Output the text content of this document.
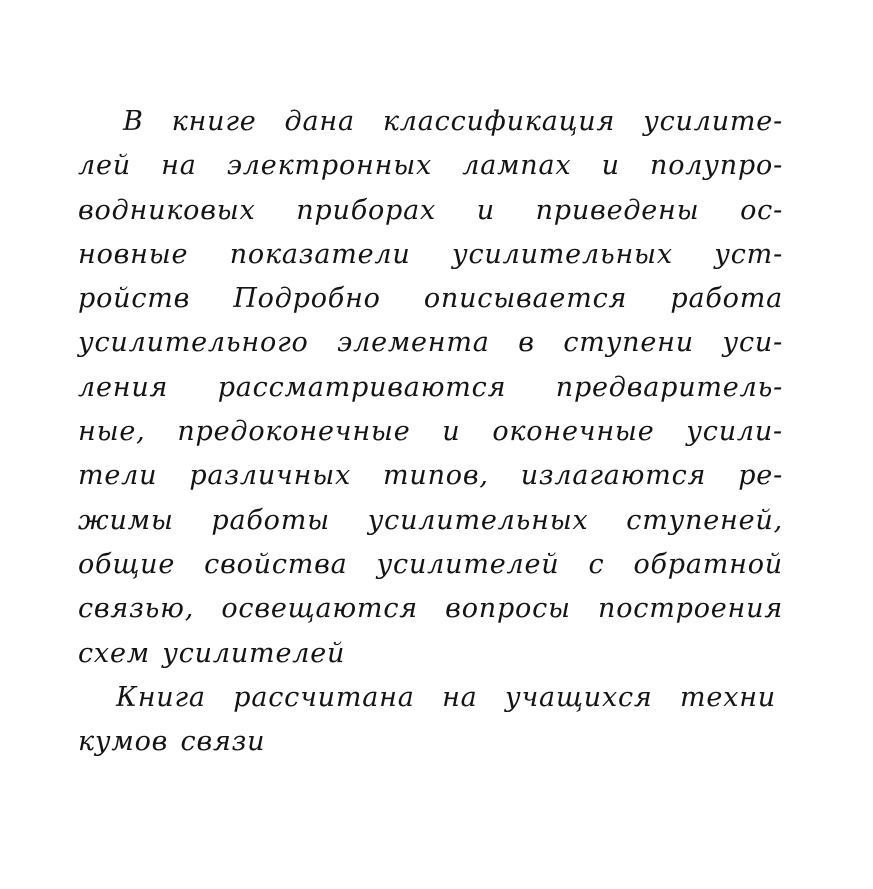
В книге дана классификация усилите-
лей на электронных лампах и полупро-
водниковых приборах и приведены ос-
новные показатели усилительных уст-
ройств Подробно описывается работа
усилительного элемента в ступени уси-
ления рассматриваются предваритель-
ные, предоконечные и оконечные усили-
тели различных типов, излагаются ре-
жимы работы усилительных ступеней,
общие свойства усилителей с обратной
связью, освещаются вопросы построения
схем усилителей
Книга рассчитана на учащихся техни
кумов связи
